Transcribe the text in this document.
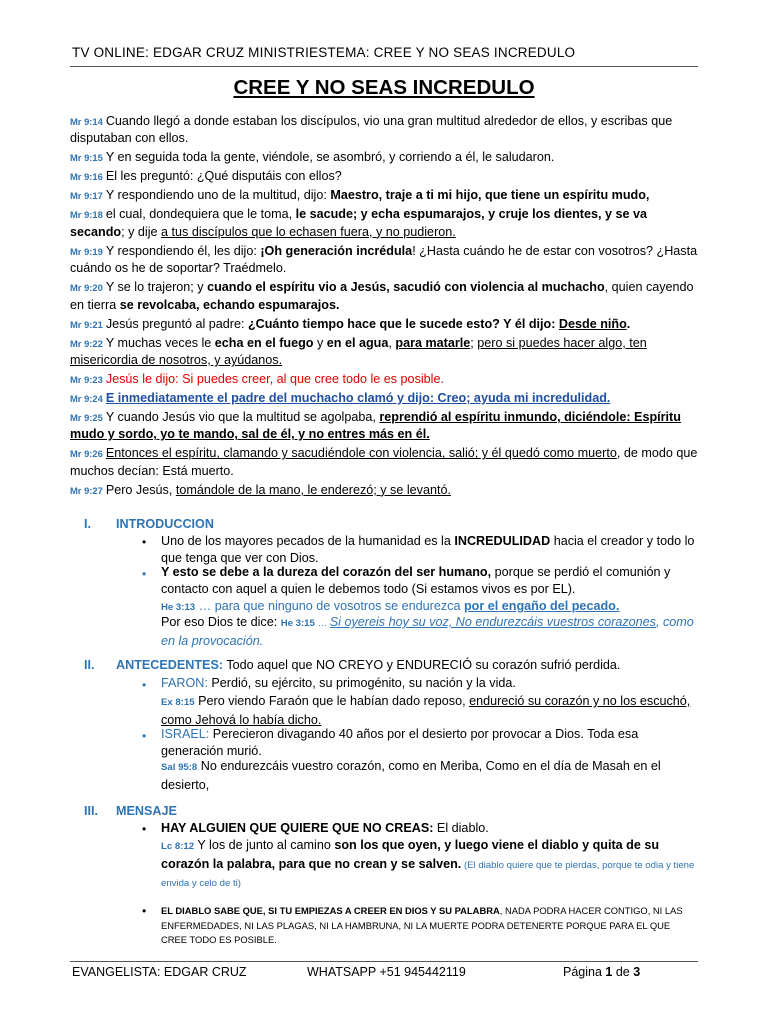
TV ONLINE: EDGAR CRUZ MINISTRIESTEMA: CREE Y NO SEAS INCREDULO
CREE Y NO SEAS INCREDULO
Mr 9:14 Cuando llegó a donde estaban los discípulos, vio una gran multitud alrededor de ellos, y escribas que disputaban con ellos.
Mr 9:15 Y en seguida toda la gente, viéndole, se asombró, y corriendo a él, le saludaron.
Mr 9:16 El les preguntó: ¿Qué disputáis con ellos?
Mr 9:17 Y respondiendo uno de la multitud, dijo: Maestro, traje a ti mi hijo, que tiene un espíritu mudo,
Mr 9:18 el cual, dondequiera que le toma, le sacude; y echa espumarajos, y cruje los dientes, y se va secando; y dije a tus discípulos que lo echasen fuera, y no pudieron.
Mr 9:19 Y respondiendo él, les dijo: ¡Oh generación incrédula! ¿Hasta cuándo he de estar con vosotros? ¿Hasta cuándo os he de soportar? Traédmelo.
Mr 9:20 Y se lo trajeron; y cuando el espíritu vio a Jesús, sacudió con violencia al muchacho, quien cayendo en tierra se revolcaba, echando espumarajos.
Mr 9:21 Jesús preguntó al padre: ¿Cuánto tiempo hace que le sucede esto? Y él dijo: Desde niño.
Mr 9:22 Y muchas veces le echa en el fuego y en el agua, para matarle; pero si puedes hacer algo, ten misericordia de nosotros, y ayúdanos.
Mr 9:23 Jesús le dijo: Si puedes creer, al que cree todo le es posible.
Mr 9:24 E inmediatamente el padre del muchacho clamó y dijo: Creo; ayuda mi incredulidad.
Mr 9:25 Y cuando Jesús vio que la multitud se agolpaba, reprendió al espíritu inmundo, diciéndole: Espíritu mudo y sordo, yo te mando, sal de él, y no entres más en él.
Mr 9:26 Entonces el espíritu, clamando y sacudiéndole con violencia, salió; y él quedó como muerto, de modo que muchos decían: Está muerto.
Mr 9:27 Pero Jesús, tomándole de la mano, le enderezó; y se levantó.
I. INTRODUCCION
• Uno de los mayores pecados de la humanidad es la INCREDULIDAD hacia el creador y todo lo que tenga que ver con Dios.
• Y esto se debe a la dureza del corazón del ser humano, porque se perdió el comunión y contacto con aquel a quien le debemos todo (Si estamos vivos es por EL).
He 3:13 … para que ninguno de vosotros se endurezca por el engaño del pecado.
Por eso Dios te dice: He 3:15 … Si oyereis hoy su voz, No endurezcáis vuestros corazones, como en la provocación.
II. ANTECEDENTES: Todo aquel que NO CREYO y ENDURECIÓ su corazón sufrió perdida.
• FARON: Perdió, su ejército, su primogénito, su nación y la vida.
Ex 8:15 Pero viendo Faraón que le habían dado reposo, endureció su corazón y no los escuchó, como Jehová lo había dicho.
• ISRAEL: Perecieron divagando 40 años por el desierto por provocar a Dios. Toda esa generación murió.
Sal 95:8 No endurezcáis vuestro corazón, como en Meriba, Como en el día de Masah en el desierto,
III. MENSAJE
• HAY ALGUIEN QUE QUIERE QUE NO CREAS: El diablo.
Lc 8:12 Y los de junto al camino son los que oyen, y luego viene el diablo y quita de su corazón la palabra, para que no crean y se salven. (El diablo quiere que te pierdas, porque te odia y tiene envida y celo de ti)
• EL DIABLO SABE QUE, SI TU EMPIEZAS A CREER EN DIOS Y SU PALABRA, NADA PODRA HACER CONTIGO, NI LAS ENFERMEDADES, NI LAS PLAGAS, NI LA HAMBRUNA, NI LA MUERTE PODRA DETENERTE PORQUE PARA EL QUE CREE TODO ES POSIBLE.
EVANGELISTA: EDGAR CRUZ	WHATSAPP +51 945442119	Página 1 de 3
